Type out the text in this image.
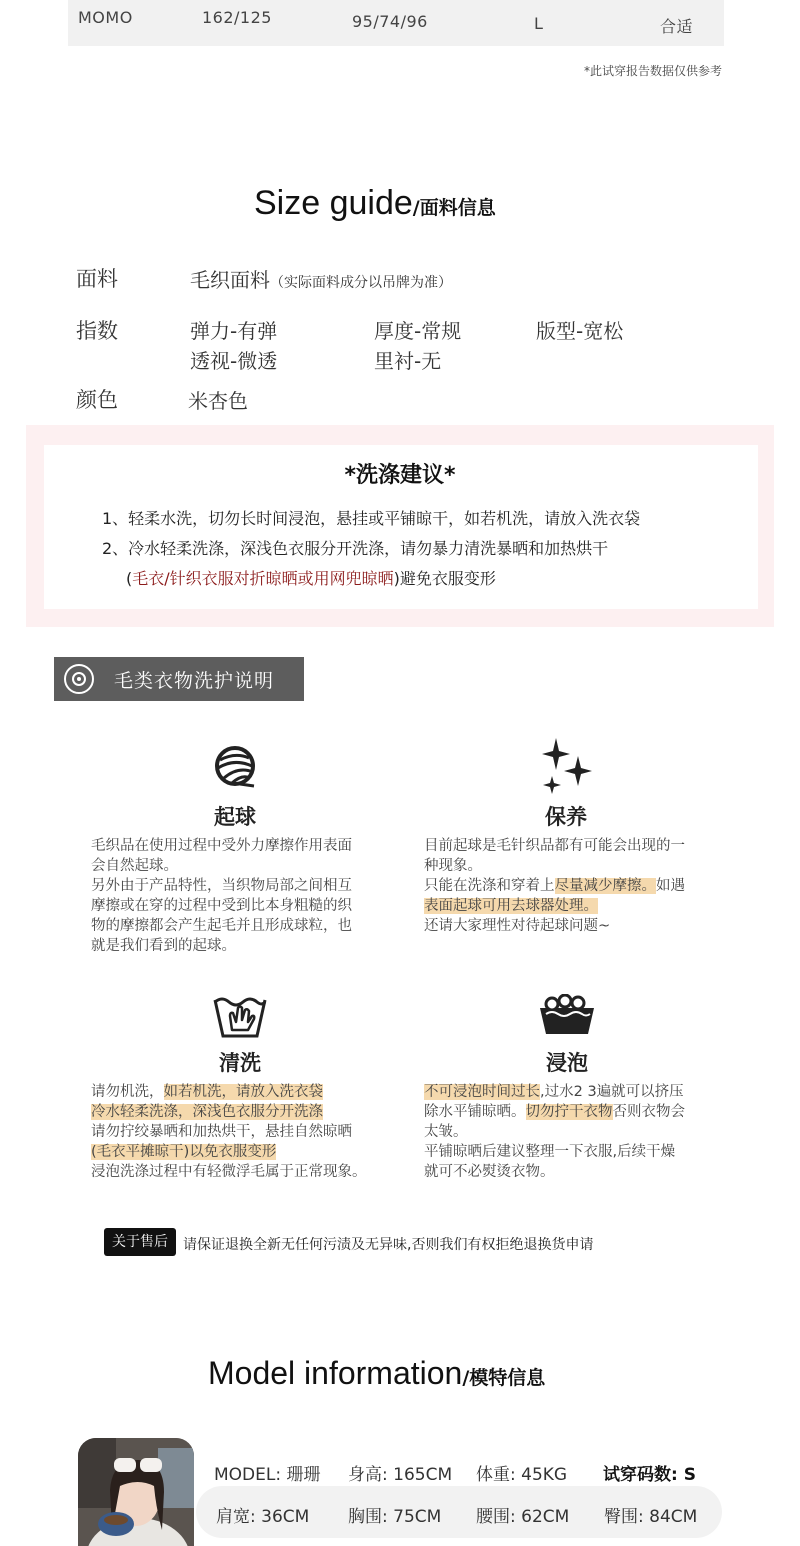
MOMO	162/125	95/74/96	L	合适
*此试穿报告数据仅供参考
Size guide/面料信息
面料	毛织面料（实际面料成分以吊牌为准）
指数	弹力-有弹	厚度-常规	版型-宽松
透视-微透	里衬-无
颜色	米杏色
*洗涤建议*
1、轻柔水洗，切勿长时间浸泡，悬挂或平铺晾干，如若机洗，请放入洗衣袋
2、冷水轻柔洗涤，深浅色衣服分开洗涤，请勿暴力清洗暴晒和加热烘干
(毛衣/针织衣服对折晾晒或用网兜晾晒)避免衣服变形
毛类衣物洗护说明
起球
毛织品在使用过程中受外力摩擦作用表面
会自然起球。
另外由于产品特性，当织物局部之间相互
摩擦或在穿的过程中受到比本身粗糙的织
物的摩擦都会产生起毛并且形成球粒，也
就是我们看到的起球。
保养
目前起球是毛针织品都有可能会出现的一
种现象。
只能在洗涤和穿着上尽量减少摩擦。如遇
表面起球可用去球器处理。
还请大家理性对待起球问题~
清洗
请勿机洗，如若机洗，请放入洗衣袋
冷水轻柔洗涤，深浅色衣服分开洗涤
请勿拧绞暴晒和加热烘干，悬挂自然晾晒
(毛衣平摊晾干)以免衣服变形
浸泡洗涤过程中有轻微浮毛属于正常现象。
浸泡
不可浸泡时间过长,过水2 3遍就可以挤压
除水平铺晾晒。切勿拧干衣物否则衣物会
太皱。
平铺晾晒后建议整理一下衣服,后续干燥
就可不必熨烫衣物。
关于售后	请保证退换全新无任何污渍及无异味,否则我们有权拒绝退换货申请
Model information/模特信息
MODEL: 珊珊 身高: 165CM 体重: 45KG 试穿码数: S
肩宽: 36CM 胸围: 75CM 腰围: 62CM 臀围: 84CM
